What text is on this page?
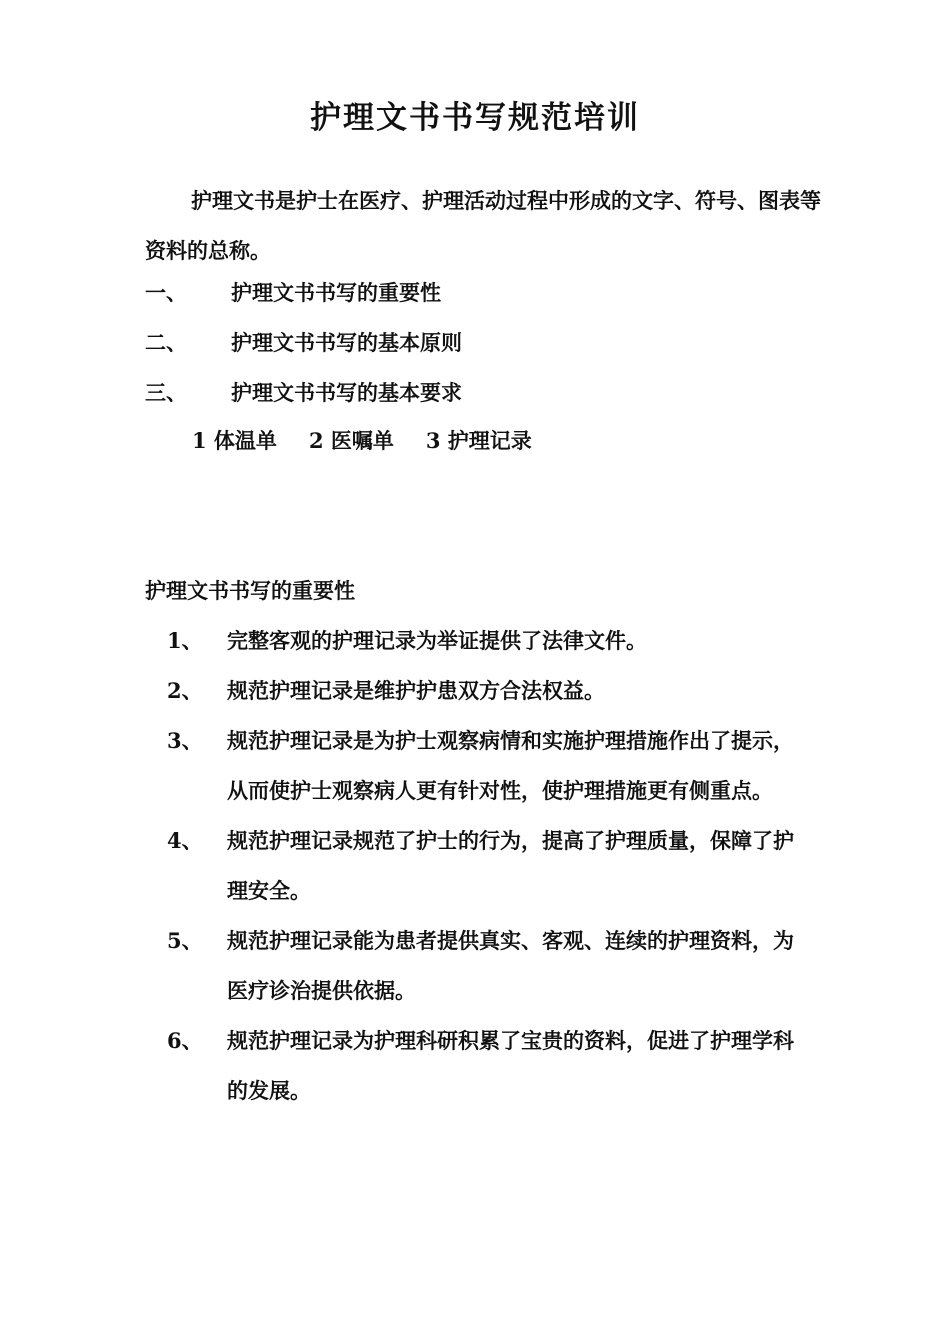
护理文书书写规范培训
护理文书是护士在医疗、护理活动过程中形成的文字、符号、图表等资料的总称。
一、 护理文书书写的重要性
二、 护理文书书写的基本原则
三、 护理文书书写的基本要求
1 体温单 2 医嘱单 3 护理记录
护理文书书写的重要性
1、 完整客观的护理记录为举证提供了法律文件。
2、 规范护理记录是维护护患双方合法权益。
3、 规范护理记录是为护士观察病情和实施护理措施作出了提示，从而使护士观察病人更有针对性，使护理措施更有侧重点。
4、 规范护理记录规范了护士的行为，提高了护理质量，保障了护理安全。
5、 规范护理记录能为患者提供真实、客观、连续的护理资料，为医疗诊治提供依据。
6、 规范护理记录为护理科研积累了宝贵的资料，促进了护理学科的发展。
